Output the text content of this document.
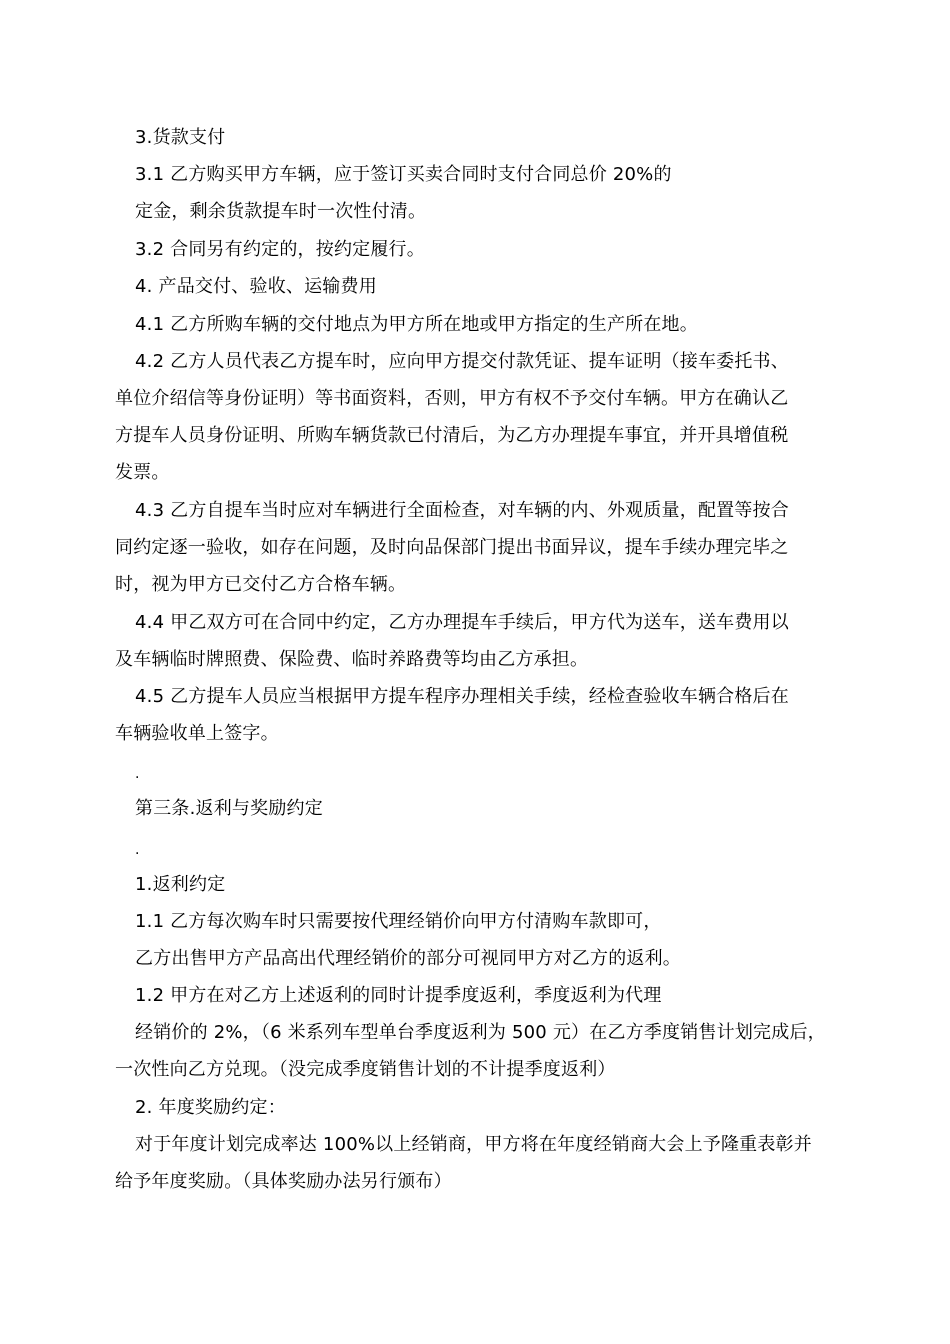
3.货款支付
3.1 乙方购买甲方车辆，应于签订买卖合同时支付合同总价 20%的
定金，剩余货款提车时一次性付清。
3.2 合同另有约定的，按约定履行。
4. 产品交付、验收、运输费用
4.1 乙方所购车辆的交付地点为甲方所在地或甲方指定的生产所在地。
4.2 乙方人员代表乙方提车时，应向甲方提交付款凭证、提车证明（接车委托书、
单位介绍信等身份证明）等书面资料，否则，甲方有权不予交付车辆。甲方在确认乙
方提车人员身份证明、所购车辆货款已付清后，为乙方办理提车事宜，并开具增值税
发票。
4.3 乙方自提车当时应对车辆进行全面检查，对车辆的内、外观质量，配置等按合
同约定逐一验收，如存在问题，及时向品保部门提出书面异议，提车手续办理完毕之
时，视为甲方已交付乙方合格车辆。
4.4 甲乙双方可在合同中约定，乙方办理提车手续后，甲方代为送车，送车费用以
及车辆临时牌照费、保险费、临时养路费等均由乙方承担。
4.5 乙方提车人员应当根据甲方提车程序办理相关手续，经检查验收车辆合格后在
车辆验收单上签字。
.
第三条.返利与奖励约定
.
1.返利约定
1.1 乙方每次购车时只需要按代理经销价向甲方付清购车款即可，
乙方出售甲方产品高出代理经销价的部分可视同甲方对乙方的返利。
1.2 甲方在对乙方上述返利的同时计提季度返利，季度返利为代理
经销价的 2%，（6 米系列车型单台季度返利为 500 元）在乙方季度销售计划完成后，
一次性向乙方兑现。（没完成季度销售计划的不计提季度返利）
2. 年度奖励约定：
对于年度计划完成率达 100%以上经销商，甲方将在年度经销商大会上予隆重表彰并
给予年度奖励。（具体奖励办法另行颁布）
